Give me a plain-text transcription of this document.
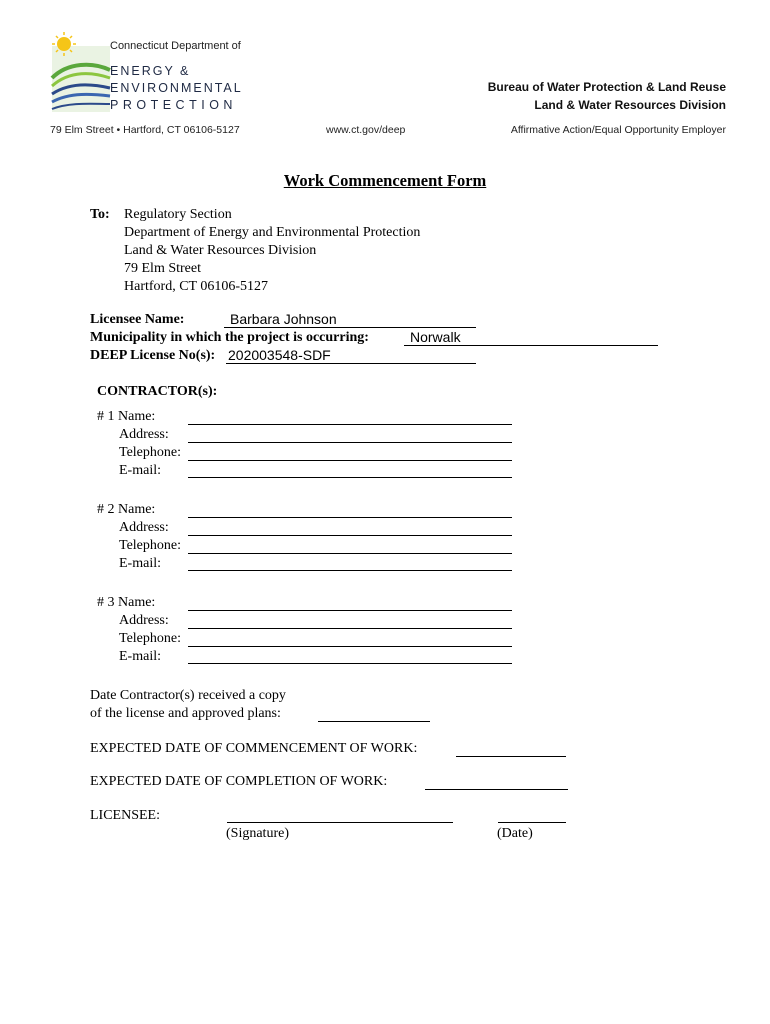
Connecticut Department of
ENERGY &
ENVIRONMENTAL
PROTECTION
Bureau of Water Protection & Land Reuse
Land & Water Resources Division
79 Elm Street • Hartford, CT 06106-5127	www.ct.gov/deep	Affirmative Action/Equal Opportunity Employer
Work Commencement Form
To: Regulatory Section
Department of Energy and Environmental Protection
Land & Water Resources Division
79 Elm Street
Hartford, CT 06106-5127
Licensee Name:	Barbara Johnson
Municipality in which the project is occurring:	Norwalk
DEEP License No(s): 202003548-SDF
CONTRACTOR(s):
# 1 Name:
Address:
Telephone:
E-mail:
# 2 Name:
Address:
Telephone:
E-mail:
# 3 Name:
Address:
Telephone:
E-mail:
Date Contractor(s) received a copy
of the license and approved plans:
EXPECTED DATE OF COMMENCEMENT OF WORK:
EXPECTED DATE OF COMPLETION OF WORK:
LICENSEE:
(Signature)	(Date)
